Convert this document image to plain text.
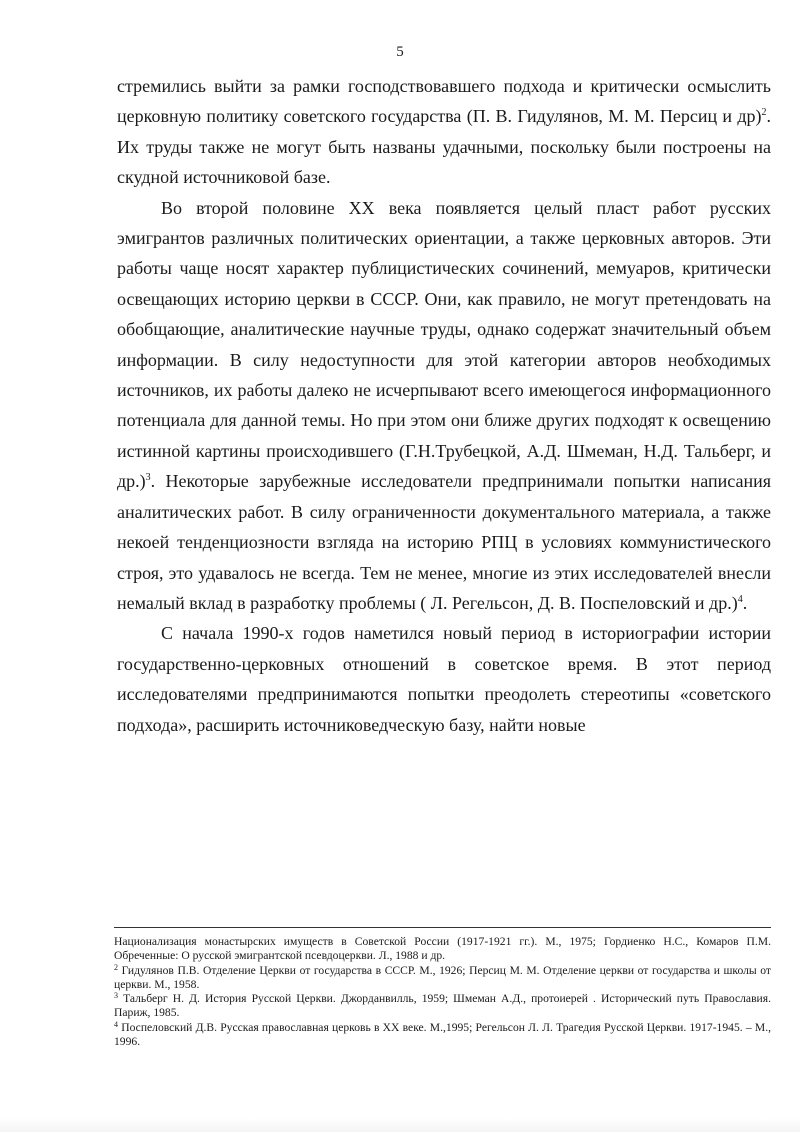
5

стремились выйти за рамки господствовавшего подхода и критически осмыслить церковную политику советского государства (П. В. Гидулянов, М. М. Персиц и др)$^2$. Их труды также не могут быть названы удачными, поскольку были построены на скудной источниковой базе.

Во второй половине XX века появляется целый пласт работ русских эмигрантов различных политических ориентации, а также церковных авторов. Эти работы чаще носят характер публицистических сочинений, мемуаров, критически освещающих историю церкви в СССР. Они, как правило, не могут претендовать на обобщающие, аналитические научные труды, однако содержат значительный объем информации. В силу недоступности для этой категории авторов необходимых источников, их работы далеко не исчерпывают всего имеющегося информационного потенциала для данной темы. Но при этом они ближе других подходят к освещению истинной картины происходившего (Г.Н.Трубецкой, А.Д. Шмеман, Н.Д. Тальберг, и др.)$^3$. Некоторые зарубежные исследователи предпринимали попытки написания аналитических работ. В силу ограниченности документального материала, а также некоей тенденциозности взгляда на историю РПЦ в условиях коммунистического строя, это удавалось не всегда. Тем не менее, многие из этих исследователей внесли немалый вклад в разработку проблемы ( Л. Регельсон, Д. В. Поспеловский и др.)$^4$.

С начала 1990-х годов наметился новый период в историографии истории государственно-церковных отношений в советское время. В этот период исследователями предпринимаются попытки преодолеть стереотипы «советского подхода», расширить источниковедческую базу, найти новые

Национализация монастырских имуществ в Советской России (1917-1921 гг.). М., 1975; Гордиенко Н.С., Комаров П.М. Обреченные: О русской эмигрантской псевдоцеркви. Л., 1988 и др.

$^2$ Гидулянов П.В. Отделение Церкви от государства в СССР. М., 1926; Персиц М. М. Отделение церкви от государства и школы от церкви. М., 1958.

$^3$ Тальберг Н. Д. История Русской Церкви. Джорданвилль, 1959; Шмеман А.Д., протоиерей . Исторический путь Православия. Париж, 1985.

$^4$ Поспеловский Д.В. Русская православная церковь в XX веке. М.,1995; Регельсон Л. Л. Трагедия Русской Церкви. 1917-1945. – М., 1996.
